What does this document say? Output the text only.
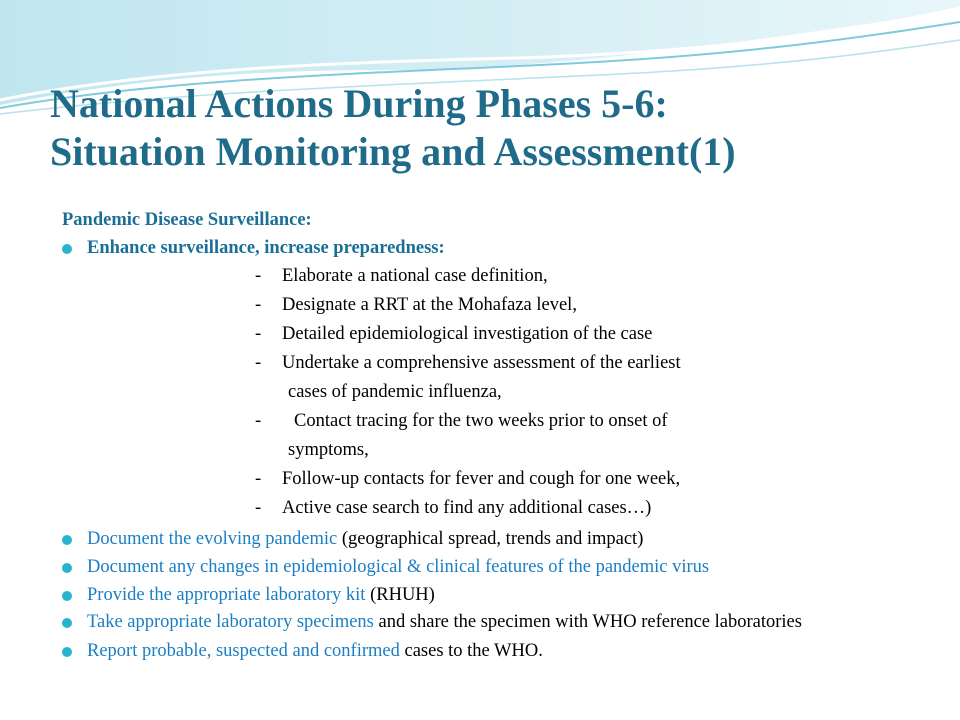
National Actions During Phases 5-6:
Situation Monitoring and Assessment(1)
Pandemic Disease Surveillance:
Enhance surveillance, increase preparedness:
- Elaborate a national case definition,
- Designate a RRT at the Mohafaza level,
- Detailed epidemiological investigation of the case
- Undertake a comprehensive assessment of the earliest
cases of pandemic influenza,
- Contact tracing for the two weeks prior to onset of
symptoms,
- Follow-up contacts for fever and cough for one week,
- Active case search to find any additional cases…)
Document the evolving pandemic (geographical spread, trends and impact)
Document any changes in epidemiological & clinical features of the pandemic virus
Provide the appropriate laboratory kit (RHUH)
Take appropriate laboratory specimens and share the specimen with WHO reference laboratories
Report probable, suspected and confirmed cases to the WHO.
